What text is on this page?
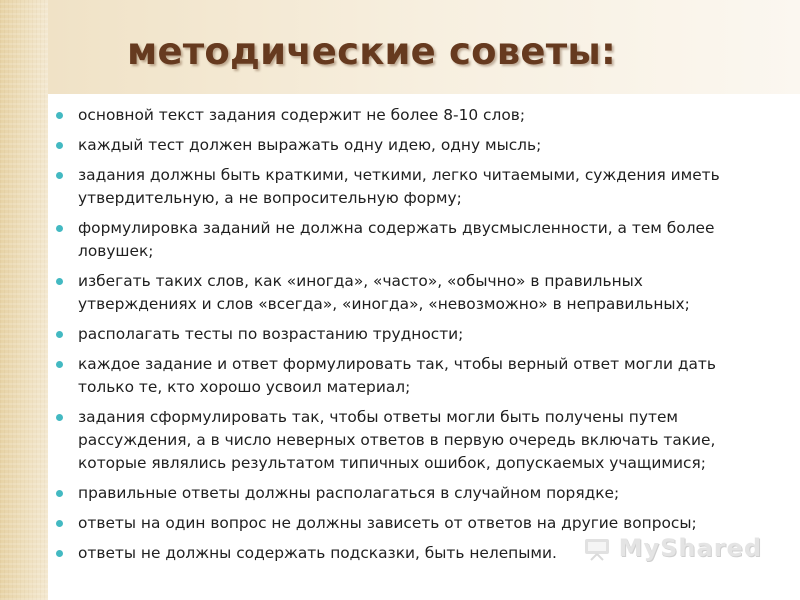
методические советы:
основной текст задания содержит не более 8-10 слов;
каждый тест должен выражать одну идею, одну мысль;
задания должны быть краткими, четкими, легко читаемыми, суждения иметь утвердительную, а не вопросительную форму;
формулировка заданий не должна содержать двусмысленности, а тем более ловушек;
избегать таких слов, как «иногда», «часто», «обычно» в правильных утверждениях и слов «всегда», «иногда», «невозможно» в неправильных;
располагать тесты по возрастанию трудности;
каждое задание и ответ формулировать так, чтобы верный ответ могли дать только те, кто хорошо усвоил материал;
задания сформулировать так, чтобы ответы могли быть получены путем рассуждения, а в число неверных ответов в первую очередь включать такие, которые являлись результатом типичных ошибок, допускаемых учащимися;
правильные ответы должны располагаться в случайном порядке;
ответы на один вопрос не должны зависеть от ответов на другие вопросы;
ответы не должны содержать подсказки, быть нелепыми.	MyShared
